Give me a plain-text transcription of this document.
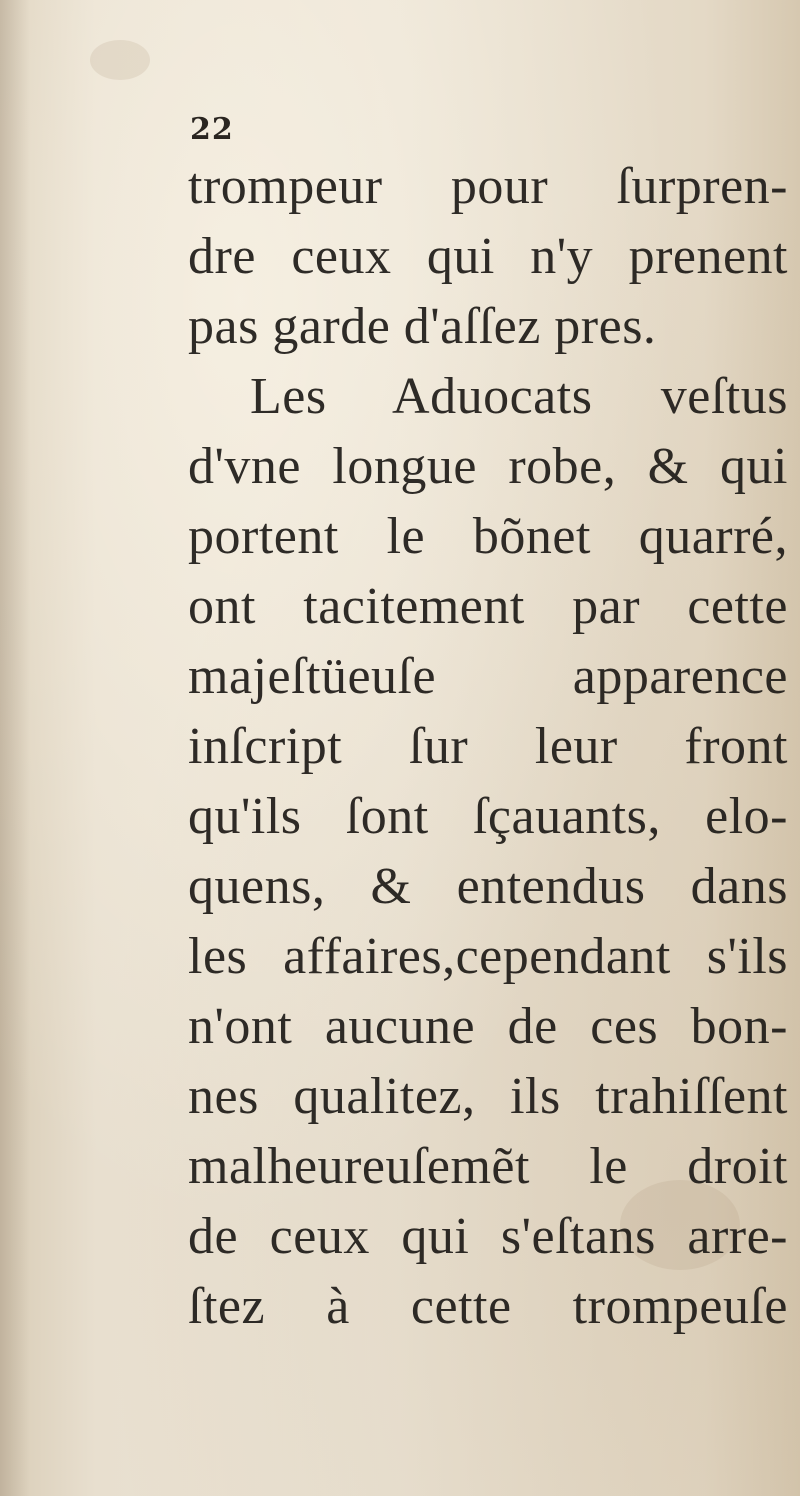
22
trompeur pour ſurpren-
dre ceux qui n'y prenent
pas garde d'aſſez pres.
Les Aduocats veſtus
d'vne longue robe, & qui
portent le bõnet quarré,
ont tacitement par cette
majeſtüeuſe apparence
inſcript ſur leur front
qu'ils ſont ſçauants, elo-
quens, & entendus dans
les affaires,cependant s'ils
n'ont aucune de ces bon-
nes qualitez, ils trahiſſent
malheureuſemẽt le droit
de ceux qui s'eſtans arre-
ſtez à cette trompeuſe
